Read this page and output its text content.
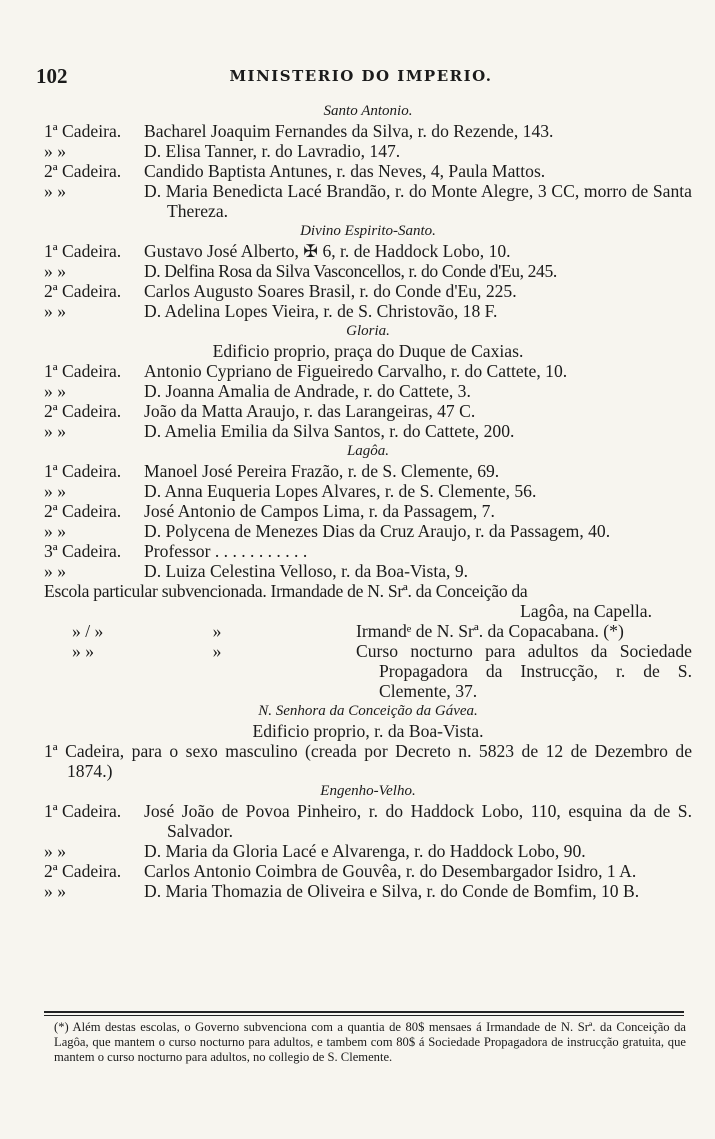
102	MINISTERIO DO IMPERIO.
Santo Antonio.
1ª Cadeira.	Bacharel Joaquim Fernandes da Silva, r. do Rezende, 143.
» »	D. Elisa Tanner, r. do Lavradio, 147.
2ª Cadeira.	Candido Baptista Antunes, r. das Neves, 4, Paula Mattos.
» »	D. Maria Benedicta Lacé Brandão, r. do Monte Alegre, 3 CC, morro de Santa Thereza.
Divino Espirito-Santo.
1ª Cadeira.	Gustavo José Alberto, ✠ 6, r. de Haddock Lobo, 10.
» »	D. Delfina Rosa da Silva Vasconcellos, r. do Conde d'Eu, 245.
2ª Cadeira.	Carlos Augusto Soares Brasil, r. do Conde d'Eu, 225.
» »	D. Adelina Lopes Vieira, r. de S. Christovão, 18 F.
Gloria.
Edificio proprio, praça do Duque de Caxias.
1ª Cadeira.	Antonio Cypriano de Figueiredo Carvalho, r. do Cattete, 10.
» »	D. Joanna Amalia de Andrade, r. do Cattete, 3.
2ª Cadeira.	João da Matta Araujo, r. das Larangeiras, 47 C.
» »	D. Amelia Emilia da Silva Santos, r. do Cattete, 200.
Lagôa.
1ª Cadeira.	Manoel José Pereira Frazão, r. de S. Clemente, 69.
» »	D. Anna Euqueria Lopes Alvares, r. de S. Clemente, 56.
2ª Cadeira.	José Antonio de Campos Lima, r. da Passagem, 7.
» »	D. Polycena de Menezes Dias da Cruz Araujo, r. da Passagem, 40.
3ª Cadeira.	Professor . . . . . . . . . . .
» »	D. Luiza Celestina Velloso, r. da Boa-Vista, 9.
Escola particular subvencionada. Irmandade de N. Srª. da Conceição da
Lagôa, na Capella.
» / »	»	Irmandᵉ de N. Srª. da Copacabana. (*)
» »	»	Curso nocturno para adultos da Sociedade Propagadora da Instrucção, r. de S. Clemente, 37.
N. Senhora da Conceição da Gávea.
Edificio proprio, r. da Boa-Vista.
1ª Cadeira, para o sexo masculino (creada por Decreto n. 5823 de 12 de Dezembro de 1874.)
Engenho-Velho.
1ª Cadeira.	José João de Povoa Pinheiro, r. do Haddock Lobo, 110, esquina da de S. Salvador.
» »	D. Maria da Gloria Lacé e Alvarenga, r. do Haddock Lobo, 90.
2ª Cadeira.	Carlos Antonio Coimbra de Gouvêa, r. do Desembargador Isidro, 1 A.
» »	D. Maria Thomazia de Oliveira e Silva, r. do Conde de Bomfim, 10 B.
(*) Além destas escolas, o Governo subvenciona com a quantia de 80$ mensaes á Irmandade de N. Srª. da Conceição da Lagôa, que mantem o curso nocturno para adultos, e tambem com 80$ á Sociedade Propagadora de instrucção gratuita, que mantem o curso nocturno para adultos, no collegio de S. Clemente.
